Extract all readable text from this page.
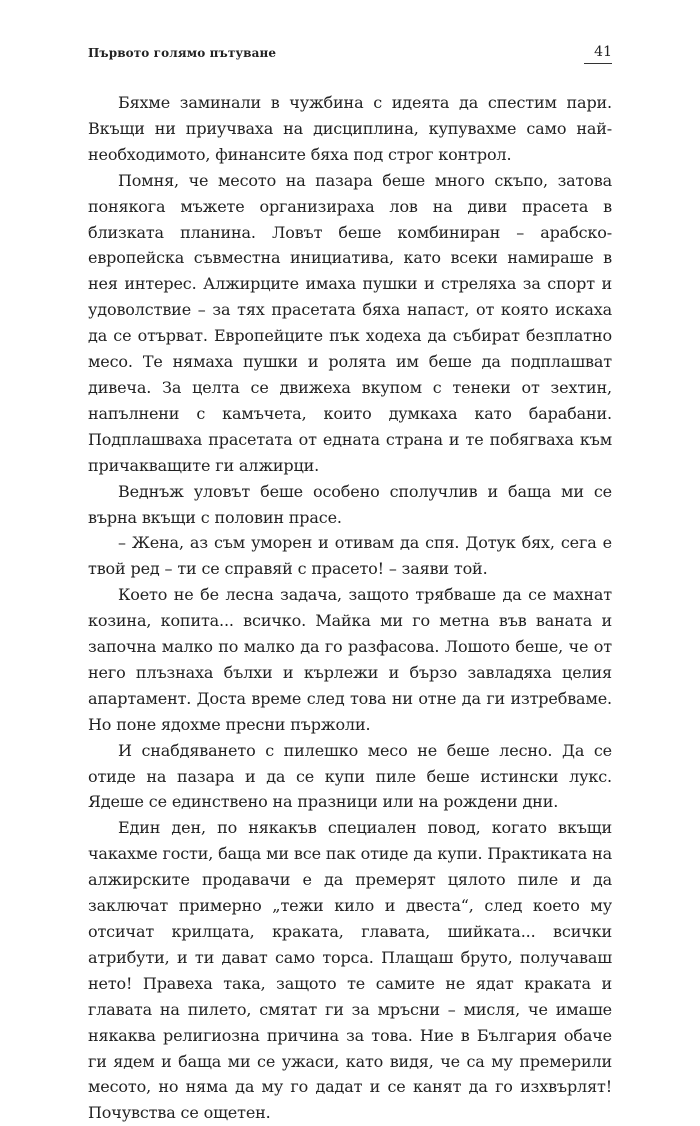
Първото голямо пътуване	41

Бяхме заминали в чужбина с идеята да спестим пари. Вкъщи ни приучваха на дисциплина, купувахме само най-необходимото, финансите бяха под строг контрол.

Помня, че месото на пазара беше много скъпо, затова понякога мъжете организираха лов на диви прасета в близката планина. Ловът беше комбиниран – арабско-европейска съвместна инициатива, като всеки намираше в нея интерес. Алжирците имаха пушки и стреляха за спорт и удоволствие – за тях прасетата бяха напаст, от която искаха да се отърват. Европейците пък ходеха да събират безплатно месо. Те нямаха пушки и ролята им беше да подплашват дивеча. За целта се движеха вкупом с тенеки от зехтин, напълнени с камъчета, които думкаха като барабани. Подплашваха прасетата от едната страна и те побягваха към причакващите ги алжирци.

Веднъж уловът беше особено сполучлив и баща ми се върна вкъщи с половин прасе.

– Жена, аз съм уморен и отивам да спя. Дотук бях, сега е твой ред – ти се справяй с прасето! – заяви той.

Което не бе лесна задача, защото трябваше да се махнат козина, копита... всичко. Майка ми го метна във ваната и започна малко по малко да го разфасова. Лошото беше, че от него плъзнаха бълхи и кърлежи и бързо завладяха целия апартамент. Доста време след това ни отне да ги изтребваме. Но поне ядохме пресни пържоли.

И снабдяването с пилешко месо не беше лесно. Да се отиде на пазара и да се купи пиле беше истински лукс. Ядеше се единствено на празници или на рождени дни.

Един ден, по някакъв специален повод, когато вкъщи чакахме гости, баща ми все пак отиде да купи. Практиката на алжирските продавачи е да премерят цялото пиле и да заключат примерно „тежи кило и двеста“, след което му отсичат крилцата, краката, главата, шийката... всички атрибути, и ти дават само торса. Плащаш бруто, получаваш нето! Правеха така, защото те самите не ядат краката и главата на пилето, смятат ги за мръсни – мисля, че имаше някаква религиозна причина за това. Ние в България обаче ги ядем и баща ми се ужаси, като видя, че са му премерили месото, но няма да му го дадат и се канят да го изхвърлят! Почувства се ощетен.
